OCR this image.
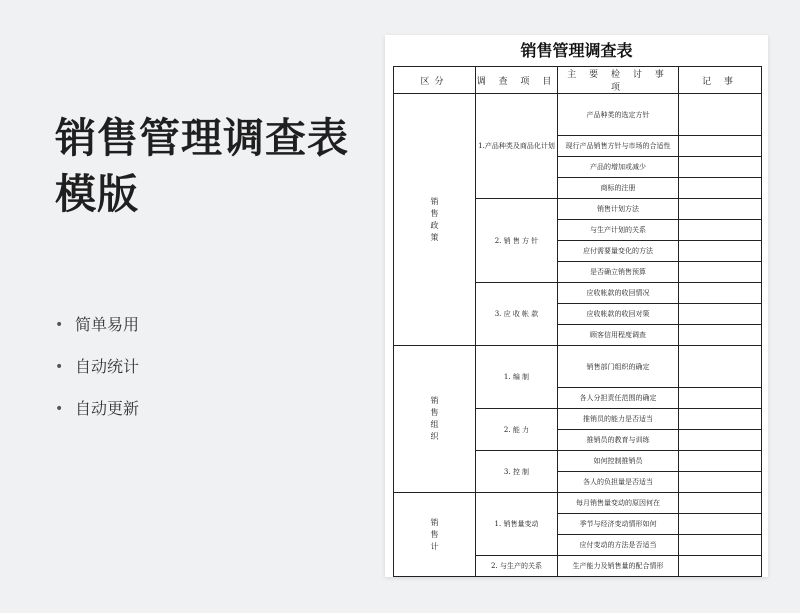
销售管理调查表模版
• 简单易用
• 自动统计
• 自动更新
销售管理调查表
区分	调 查 项 目	主 要 检 讨 事 项	记 事

销售政策	1.产品种类及商品化计划	产品种类的选定方针	
		现行产品销售方针与市场的合适性	
		产品的增加或减少	
		商标的注册	
	2. 销 售 方 针	销售计划方法	
		与生产计划的关系	
		应付需要量变化的方法	
		是否确立销售预算	
	3. 应 收 帐 款	应收帐款的收回情况	
		应收帐款的收回对策	
		顾客信用程度调查	

销售组织	1. 编 制	销售部门组织的确定	
		各人分担责任范围的确定	
	2. 能 力	推销员的能力是否适当	
		推销员的教育与训练	
	3. 控 制	如何控制推销员	
		各人的负担量是否适当	

销售计	1. 销售量变动	每月销售量变动的原因何在	
		季节与经济变动情形如何	
		应付变动的方法是否适当	
	2. 与生产的关系	生产能力及销售量的配合情形	
